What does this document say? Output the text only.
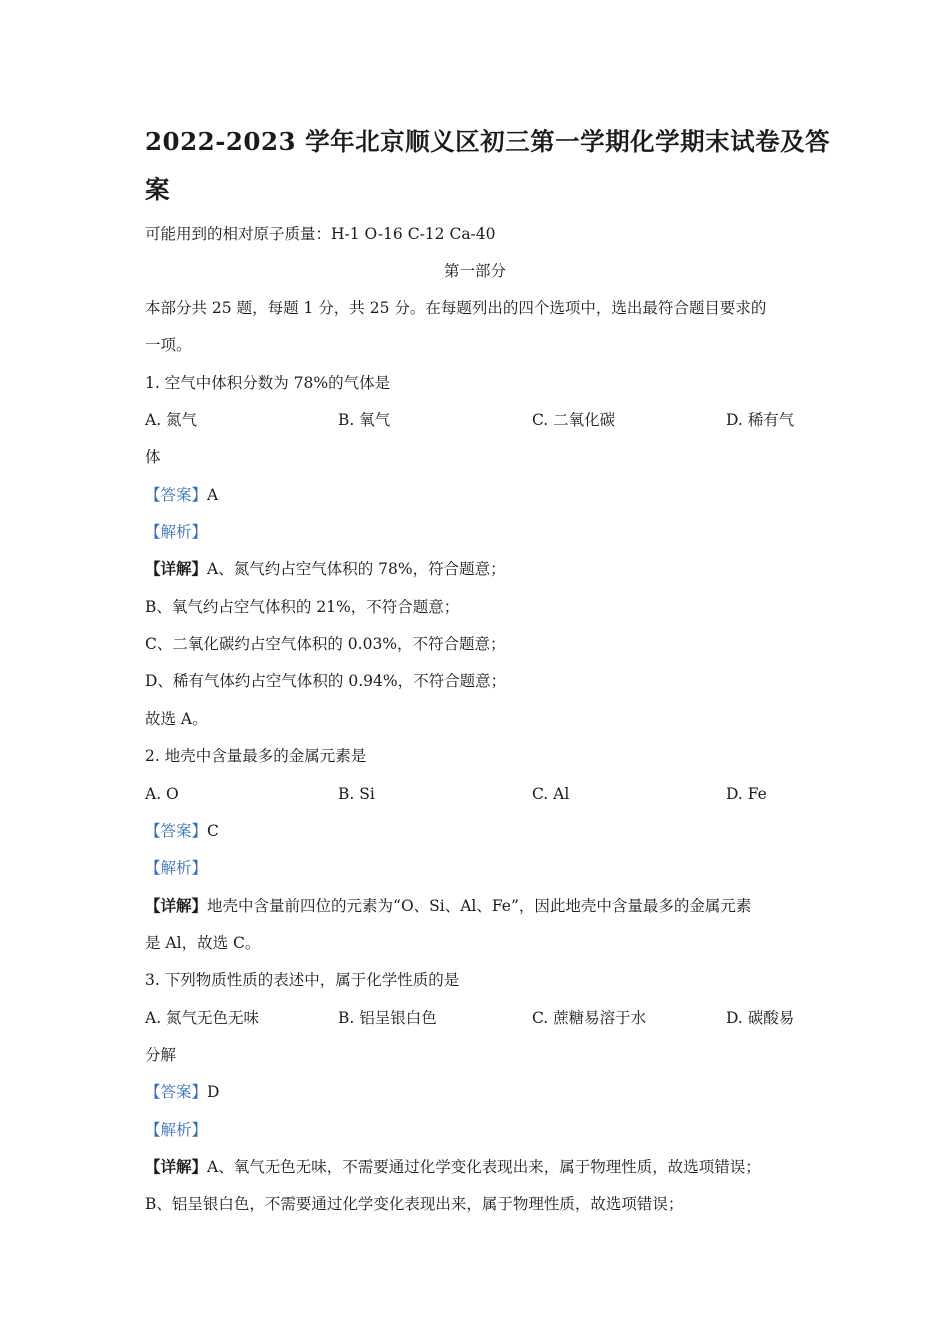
2022-2023 学年北京顺义区初三第一学期化学期末试卷及答
案
可能用到的相对原子质量：H-1 O-16 C-12 Ca-40
第一部分
本部分共 25 题，每题 1 分，共 25 分。在每题列出的四个选项中，选出最符合题目要求的
一项。
1. 空气中体积分数为 78%的气体是
A. 氮气	B. 氧气	C. 二氧化碳	D. 稀有气
体
【答案】A
【解析】
【详解】A、氮气约占空气体积的 78%，符合题意；
B、氧气约占空气体积的 21%，不符合题意；
C、二氧化碳约占空气体积的 0.03%，不符合题意；
D、稀有气体约占空气体积的 0.94%，不符合题意；
故选 A。
2. 地壳中含量最多的金属元素是
A. O	B. Si	C. Al	D. Fe
【答案】C
【解析】
【详解】地壳中含量前四位的元素为“O、Si、Al、Fe”，因此地壳中含量最多的金属元素
是 Al，故选 C。
3. 下列物质性质的表述中，属于化学性质的是
A. 氮气无色无味	B. 铝呈银白色	C. 蔗糖易溶于水	D. 碳酸易
分解
【答案】D
【解析】
【详解】A、氧气无色无味，不需要通过化学变化表现出来，属于物理性质，故选项错误；
B、铝呈银白色，不需要通过化学变化表现出来，属于物理性质，故选项错误；
